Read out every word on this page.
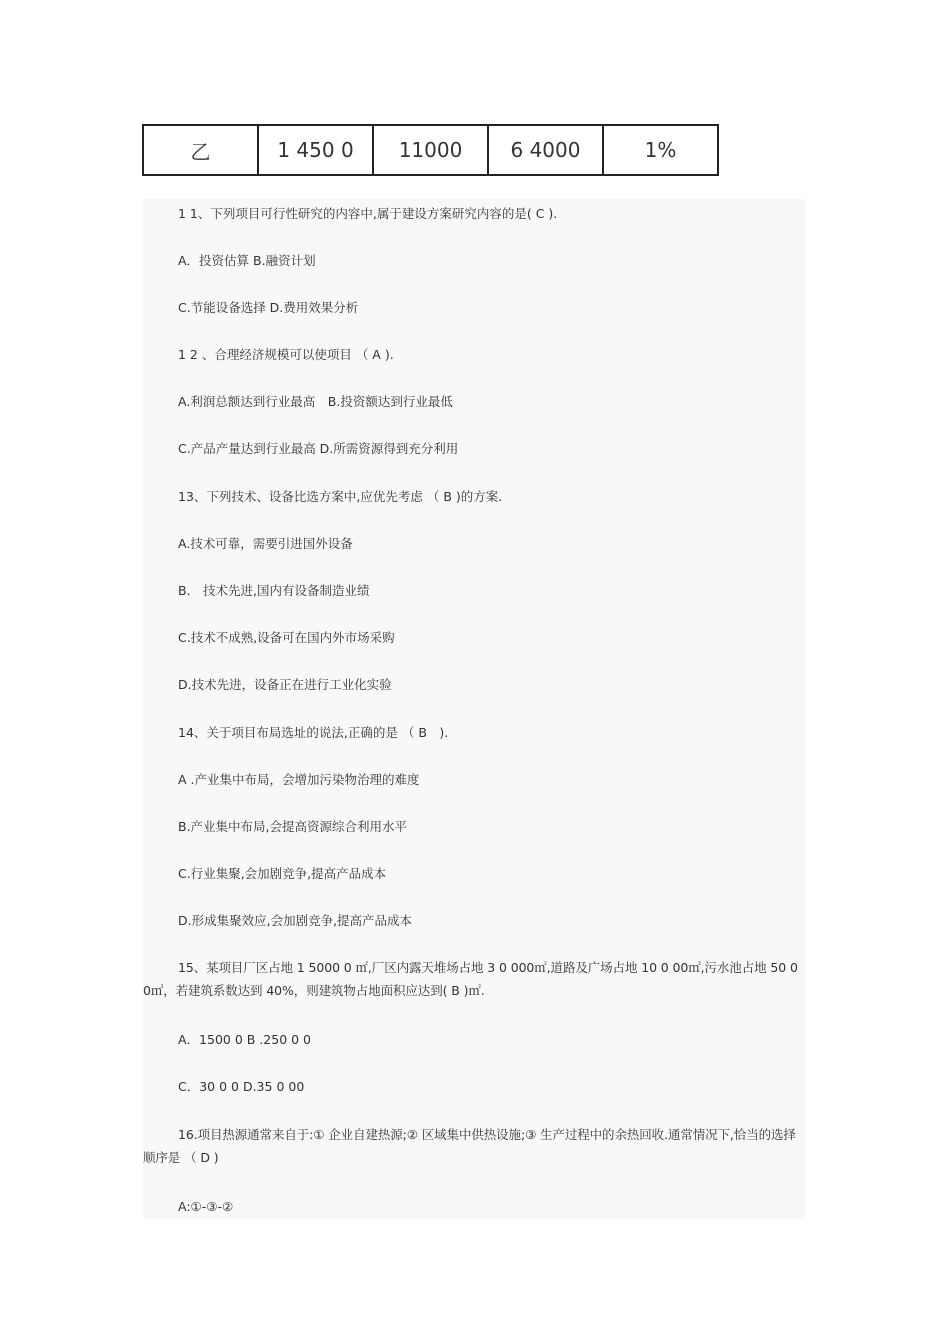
乙	1 450 0	11000	6 4000	1%
1 1、下列项目可行性研究的内容中,属于建设方案研究内容的是( C ).
A．投资估算 B.融资计划
C.节能设备选择 D.费用效果分析
1 2 、合理经济规模可以使项目 （ A ).
A.利润总额达到行业最高　B.投资额达到行业最低
C.产品产量达到行业最高 D.所需资源得到充分利用
13、下列技术、设备比选方案中,应优先考虑 （ B )的方案.
A.技术可靠，需要引进国外设备
B． 技术先进,国内有设备制造业绩
C.技术不成熟,设备可在国内外市场采购
D.技术先进，设备正在进行工业化实验
14、关于项目布局选址的说法,正确的是 （ B　).
A .产业集中布局，会增加污染物治理的难度
B.产业集中布局,会提高资源综合利用水平
C.行业集聚,会加剧竞争,提高产品成本
D.形成集聚效应,会加剧竞争,提高产品成本
15、某项目厂区占地 1 5000 0 ㎡,厂区内露天堆场占地 3 0 000㎡,道路及广场占地 10 0 00㎡,污水池占地 50 0 0㎡，若建筑系数达到 40%，则建筑物占地面积应达到( B )㎡.
A．1500 0 B .250 0 0
C．30 0 0 D.35 0 00
16.项目热源通常来自于:① 企业自建热源;② 区域集中供热设施;③ 生产过程中的余热回收.通常情况下,恰当的选择顺序是 （ D )
A:①-③-②
